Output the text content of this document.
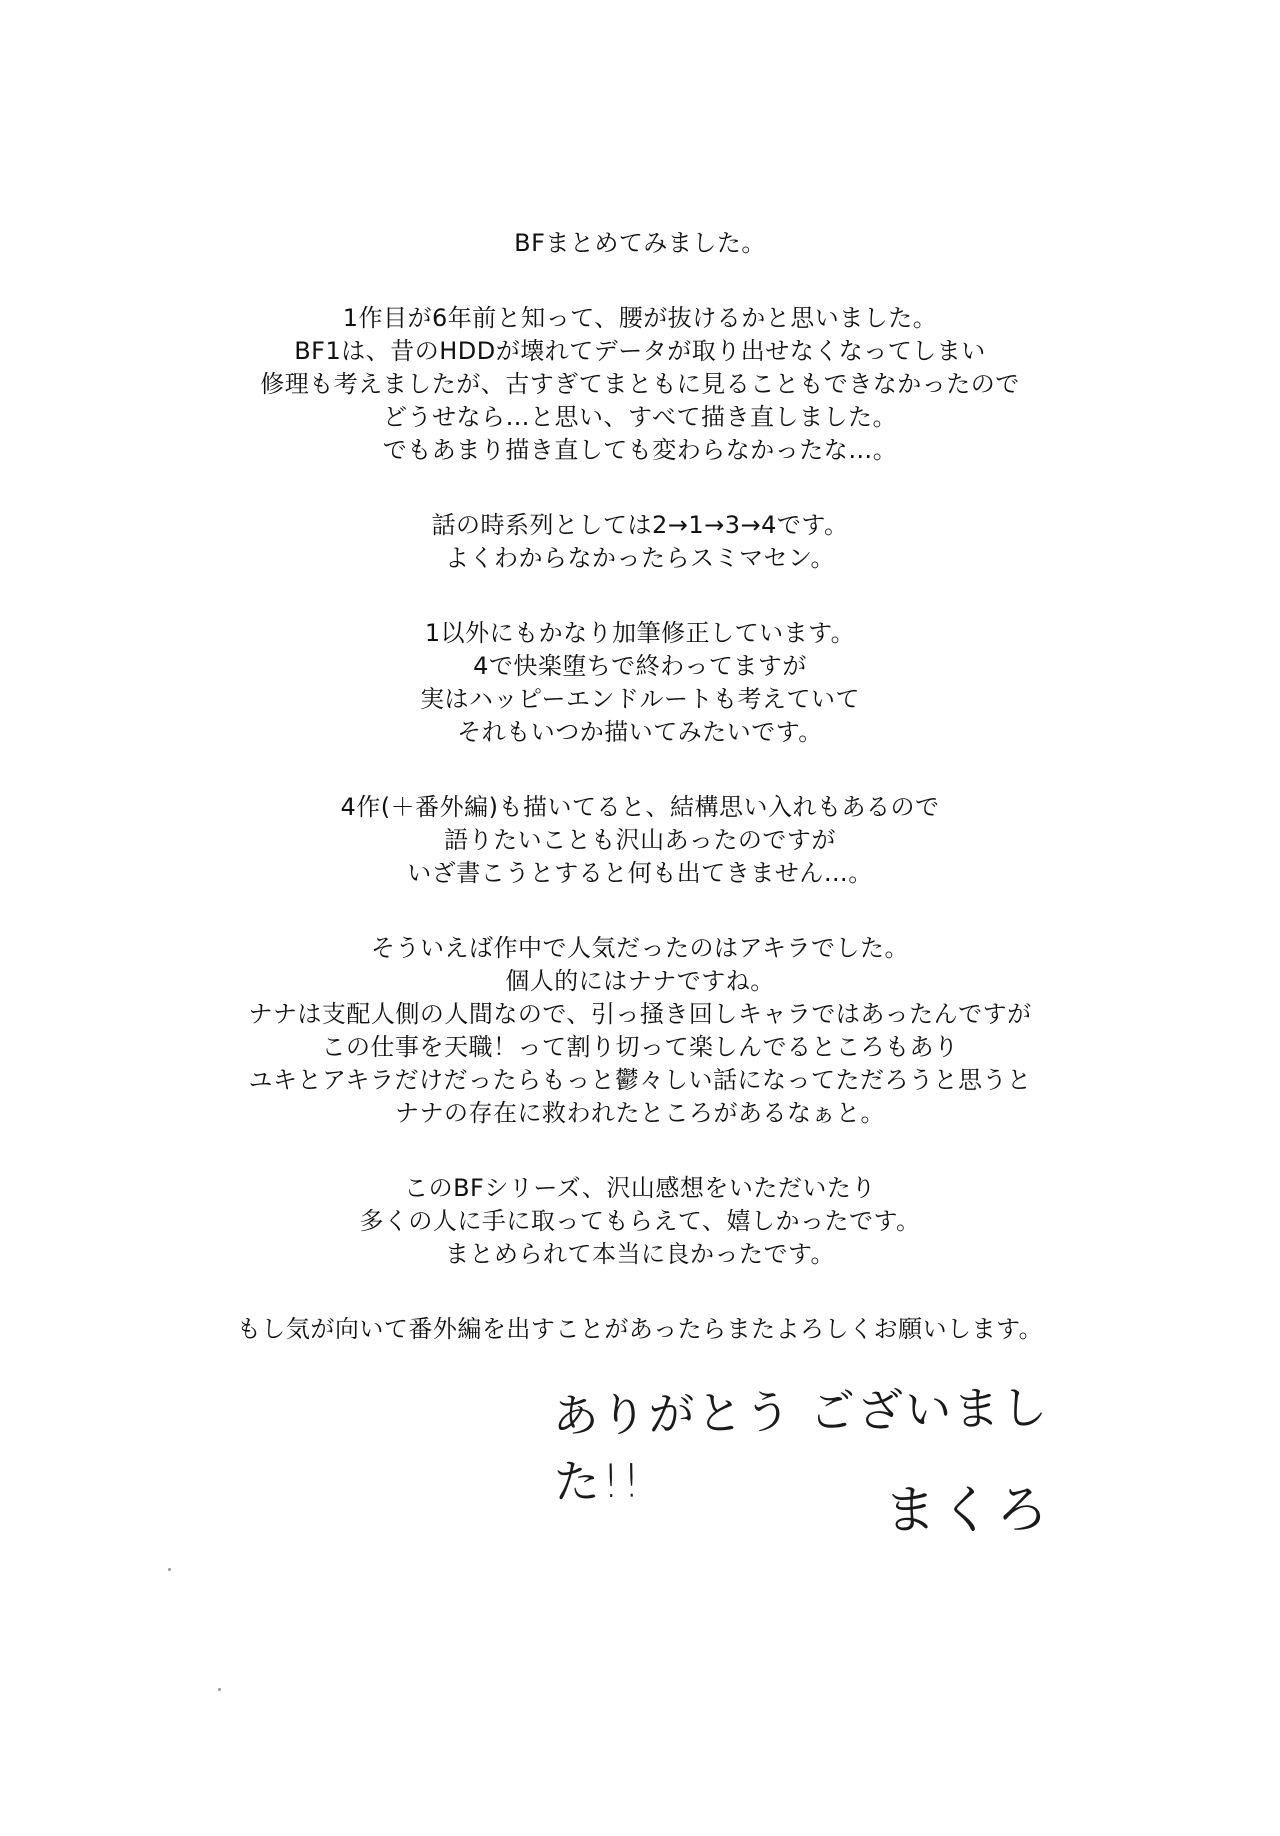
BFまとめてみました。

1作目が6年前と知って、腰が抜けるかと思いました。
BF1は、昔のHDDが壊れてデータが取り出せなくなってしまい
修理も考えましたが、古すぎてまともに見ることもできなかったので
どうせなら…と思い、すべて描き直しました。
でもあまり描き直しても変わらなかったな…。

話の時系列としては2→1→3→4です。
よくわからなかったらスミマセン。

1以外にもかなり加筆修正しています。
4で快楽堕ちで終わってますが
実はハッピーエンドルートも考えていて
それもいつか描いてみたいです。

4作(＋番外編)も描いてると、結構思い入れもあるので
語りたいことも沢山あったのですが
いざ書こうとすると何も出てきません…。

そういえば作中で人気だったのはアキラでした。
個人的にはナナですね。
ナナは支配人側の人間なので、引っ掻き回しキャラではあったんですが
この仕事を天職！って割り切って楽しんでるところもあり
ユキとアキラだけだったらもっと鬱々しい話になってただろうと思うと
ナナの存在に救われたところがあるなぁと。

このBFシリーズ、沢山感想をいただいたり
多くの人に手に取ってもらえて、嬉しかったです。
まとめられて本当に良かったです。

もし気が向いて番外編を出すことがあったらまたよろしくお願いします。

ありがとう ございました!!	まくろ
